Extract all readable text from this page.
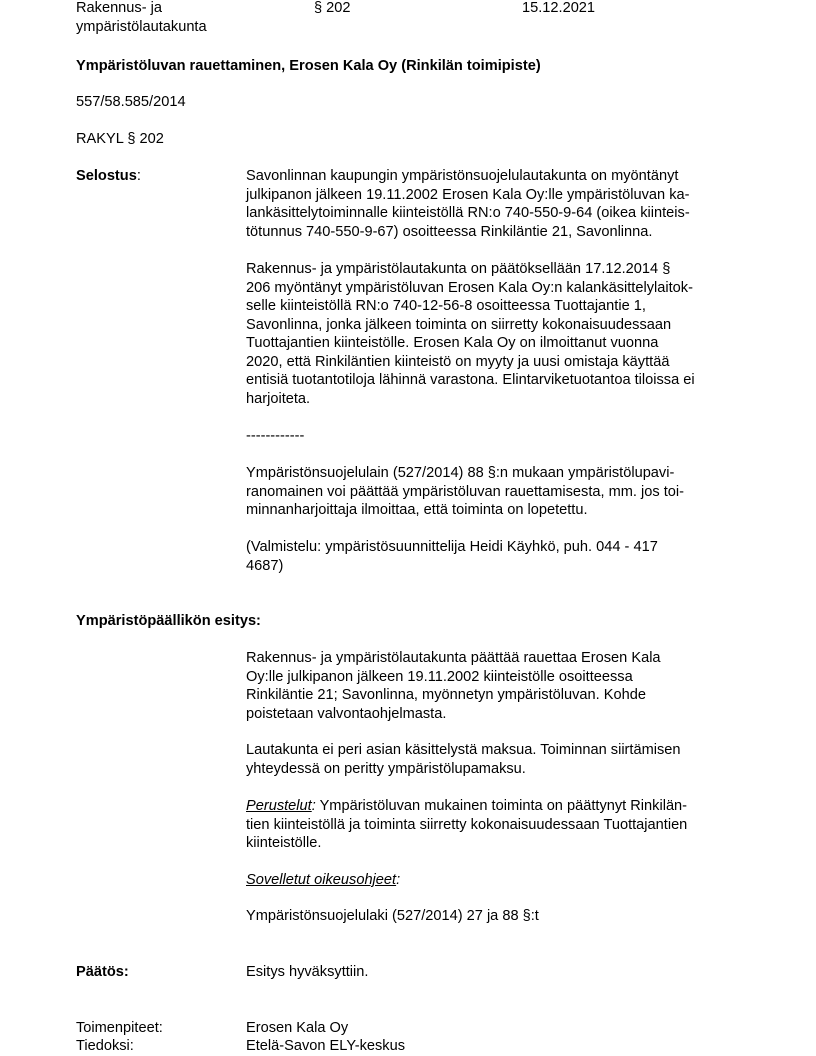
Rakennus- ja
ympäristölautakunta
§ 202	15.12.2021
Ympäristöluvan rauettaminen, Erosen Kala Oy (Rinkilän toimipiste)
557/58.585/2014
RAKYL § 202
Selostus:	Savonlinnan kaupungin ympäristönsuojelulautakunta on myöntänyt
julkipanon jälkeen 19.11.2002 Erosen Kala Oy:lle ympäristöluvan ka-
lankäsittelytoiminnalle kiinteistöllä RN:o 740-550-9-64 (oikea kiinteis-
tötunnus 740-550-9-67) osoitteessa Rinkiläntie 21, Savonlinna.
Rakennus- ja ympäristölautakunta on päätöksellään 17.12.2014 §
206 myöntänyt ympäristöluvan Erosen Kala Oy:n kalankäsittelylaitok-
selle kiinteistöllä RN:o 740-12-56-8 osoitteessa Tuottajantie 1,
Savonlinna, jonka jälkeen toiminta on siirretty kokonaisuudessaan
Tuottajantien kiinteistölle. Erosen Kala Oy on ilmoittanut vuonna
2020, että Rinkiläntien kiinteistö on myyty ja uusi omistaja käyttää
entisiä tuotantotiloja lähinnä varastona. Elintarviketuotantoa tiloissa ei
harjoiteta.
------------
Ympäristönsuojelulain (527/2014) 88 §:n mukaan ympäristölupavi-
ranomainen voi päättää ympäristöluvan rauettamisesta, mm. jos toi-
minnanharjoittaja ilmoittaa, että toiminta on lopetettu.
(Valmistelu: ympäristösuunnittelija Heidi Käyhkö, puh. 044 - 417
4687)
Ympäristöpäällikön esitys:
Rakennus- ja ympäristölautakunta päättää rauettaa Erosen Kala
Oy:lle julkipanon jälkeen 19.11.2002 kiinteistölle osoitteessa
Rinkiläntie 21; Savonlinna, myönnetyn ympäristöluvan. Kohde
poistetaan valvontaohjelmasta.
Lautakunta ei peri asian käsittelystä maksua. Toiminnan siirtämisen
yhteydessä on peritty ympäristölupamaksu.
Perustelut: Ympäristöluvan mukainen toiminta on päättynyt Rinkilän-
tien kiinteistöllä ja toiminta siirretty kokonaisuudessaan Tuottajantien
kiinteistölle.
Sovelletut oikeusohjeet:
Ympäristönsuojelulaki (527/2014) 27 ja 88 §:t
Päätös:	Esitys hyväksyttiin.
Toimenpiteet:	Erosen Kala Oy
Tiedoksi:	Etelä-Savon ELY-keskus
